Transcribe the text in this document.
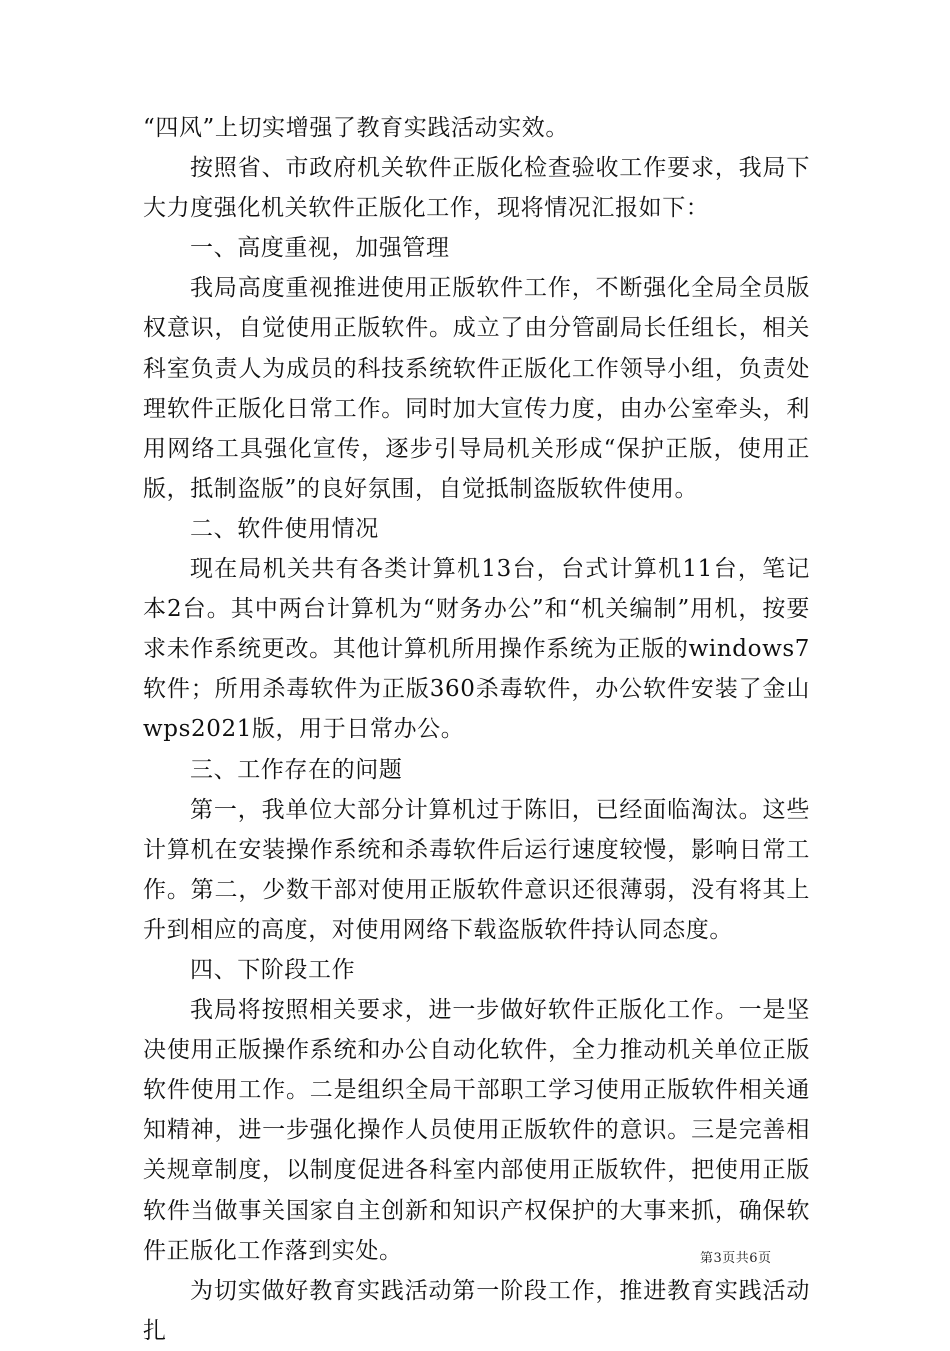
“四风”上切实增强了教育实践活动实效。

按照省、市政府机关软件正版化检查验收工作要求，我局下大力度强化机关软件正版化工作，现将情况汇报如下：

一、高度重视，加强管理

我局高度重视推进使用正版软件工作，不断强化全局全员版权意识，自觉使用正版软件。成立了由分管副局长任组长，相关科室负责人为成员的科技系统软件正版化工作领导小组，负责处理软件正版化日常工作。同时加大宣传力度，由办公室牵头，利用网络工具强化宣传，逐步引导局机关形成“保护正版，使用正版，抵制盗版”的良好氛围，自觉抵制盗版软件使用。

二、软件使用情况

现在局机关共有各类计算机13台，台式计算机11台，笔记本2台。其中两台计算机为“财务办公”和“机关编制”用机，按要求未作系统更改。其他计算机所用操作系统为正版的windows7软件；所用杀毒软件为正版360杀毒软件，办公软件安装了金山wps2021版，用于日常办公。

三、工作存在的问题

第一，我单位大部分计算机过于陈旧，已经面临淘汰。这些计算机在安装操作系统和杀毒软件后运行速度较慢，影响日常工作。第二，少数干部对使用正版软件意识还很薄弱，没有将其上升到相应的高度，对使用网络下载盗版软件持认同态度。

四、下阶段工作

我局将按照相关要求，进一步做好软件正版化工作。一是坚决使用正版操作系统和办公自动化软件，全力推动机关单位正版软件使用工作。二是组织全局干部职工学习使用正版软件相关通知精神，进一步强化操作人员使用正版软件的意识。三是完善相关规章制度，以制度促进各科室内部使用正版软件，把使用正版软件当做事关国家自主创新和知识产权保护的大事来抓，确保软件正版化工作落到实处。

为切实做好教育实践活动第一阶段工作，推进教育实践活动扎

第3页共6页
